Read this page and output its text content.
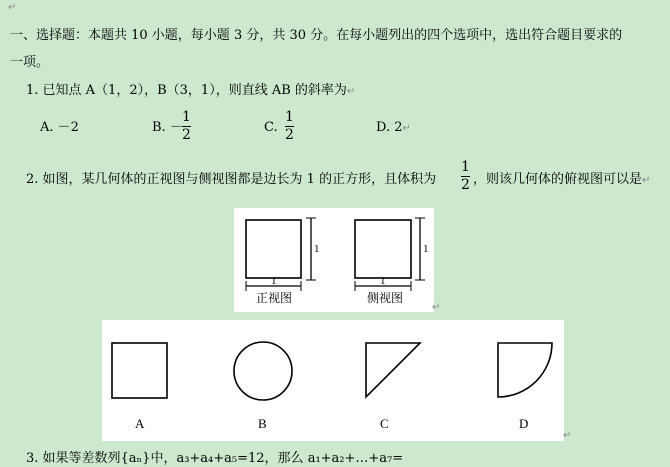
↵
一、选择题：本题共 10 小题，每小题 3 分，共 30 分。在每小题列出的四个选项中，选出符合题目要求的
一项。
1. 已知点 A（1，2），B（3，1），则直线 AB 的斜率为↵
A. －2	B. －
1
2	C.
1
2	D. 2↵
2. 如图，某几何体的正视图与侧视图都是边长为 1 的正方形，且体积为
1
2 ，则该几何体的俯视图可以是↵
1
1
正视图
1
1
侧视图
↵
A	B	C	D
↵
3. 如果等差数列{aₙ}中，a₃+a₄+a₅=12，那么 a₁+a₂+…+a₇=
